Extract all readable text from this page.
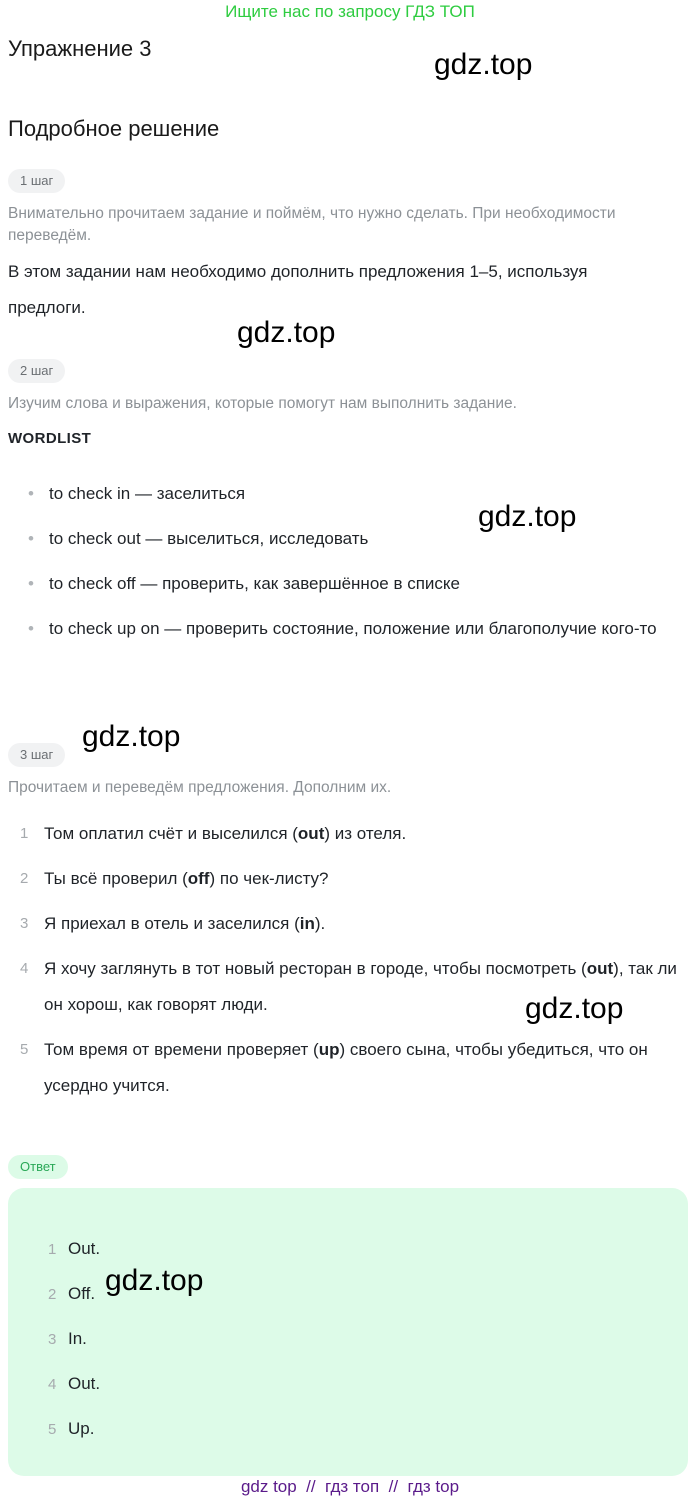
Ищите нас по запросу ГДЗ ТОП
Упражнение 3	gdz.top
Подробное решение
1 шаг
Внимательно прочитаем задание и поймём, что нужно сделать. При необходимости переведём.
В этом задании нам необходимо дополнить предложения 1–5, используя предлоги.
gdz.top
2 шаг
Изучим слова и выражения, которые помогут нам выполнить задание.
WORDLIST
• to check in — заселиться
• to check out — выселиться, исследовать
• to check off — проверить, как завершённое в списке
• to check up on — проверить состояние, положение или благополучие кого-то
gdz.top
gdz.top
3 шаг
Прочитаем и переведём предложения. Дополним их.
1 Том оплатил счёт и выселился (out) из отеля.
2 Ты всё проверил (off) по чек-листу?
3 Я приехал в отель и заселился (in).
4 Я хочу заглянуть в тот новый ресторан в городе, чтобы посмотреть (out), так ли он хорош, как говорят люди.
5 Том время от времени проверяет (up) своего сына, чтобы убедиться, что он усердно учится.
gdz.top
Ответ
1 Out.
2 Off.
3 In.
4 Out.
5 Up.
gdz.top
gdz top  //  гдз топ  //  гдз top
